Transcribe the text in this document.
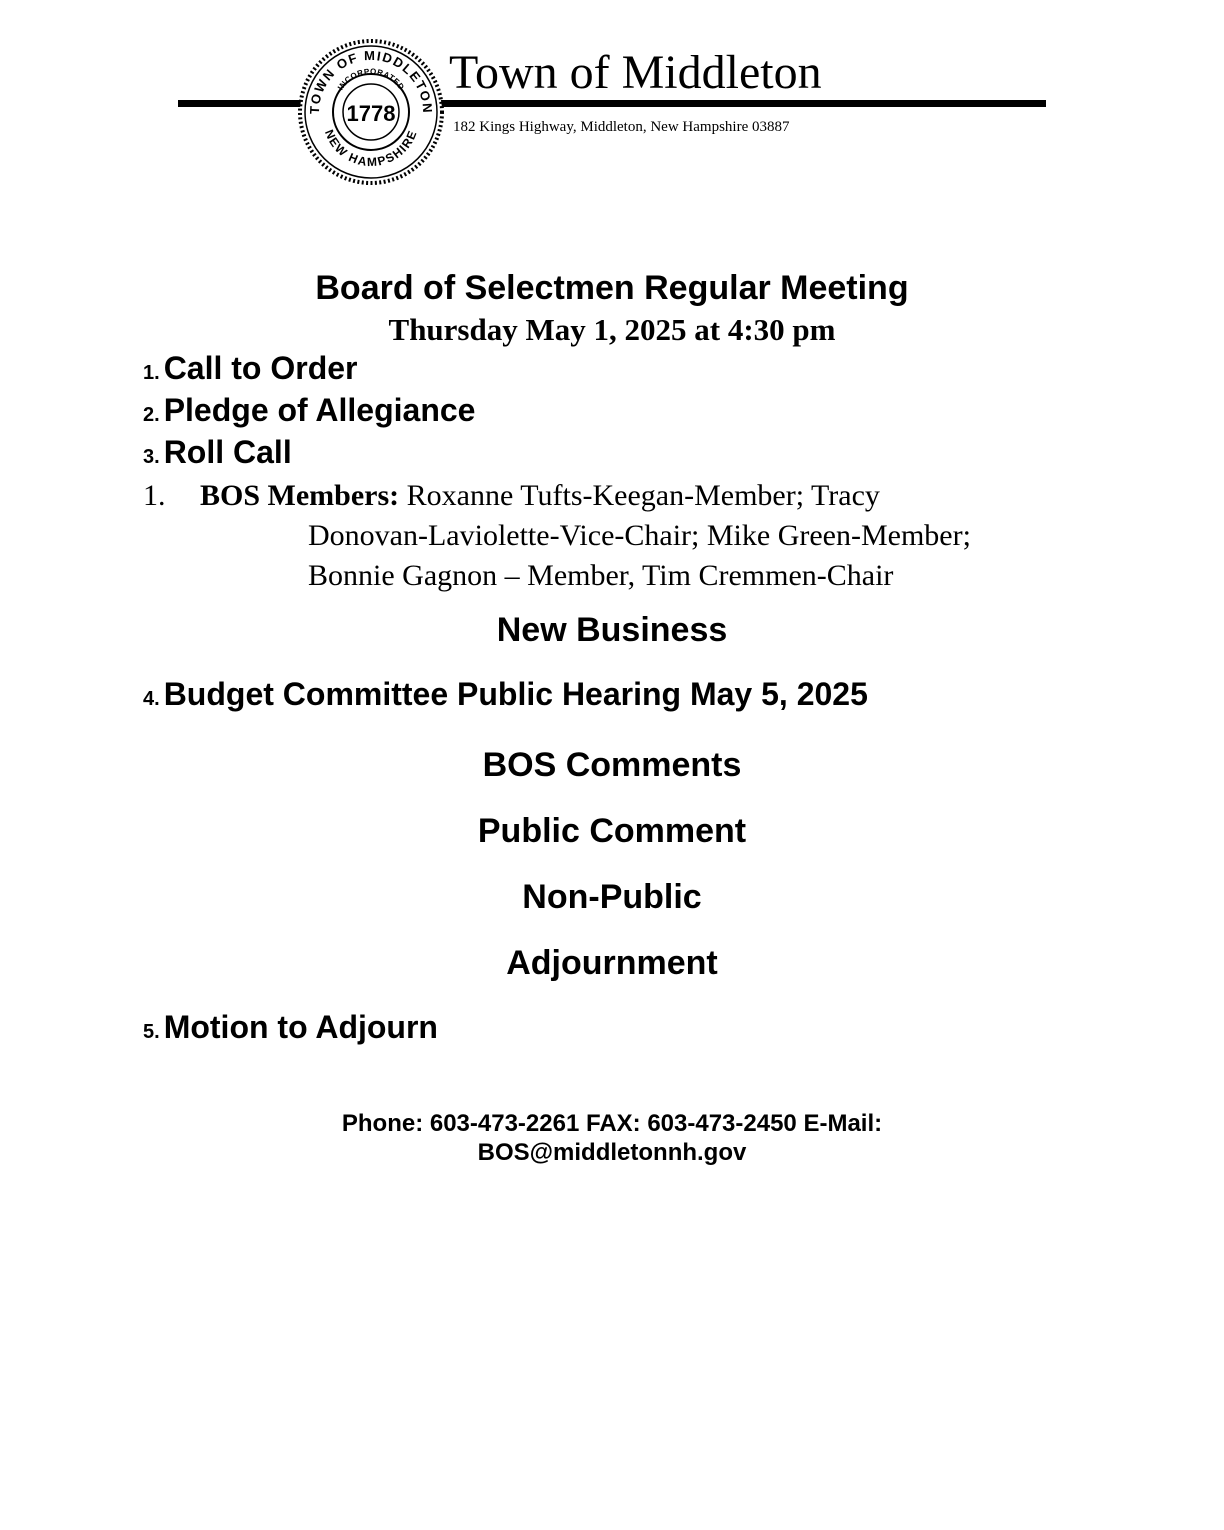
TOWN OF MIDDLETON
NEW HAMPSHIRE
INCORPORATED
1778
Town of Middleton
182 Kings Highway, Middleton, New Hampshire 03887
Board of Selectmen Regular Meeting
Thursday May 1, 2025 at 4:30 pm
1. Call to Order
2. Pledge of Allegiance
3. Roll Call
1. BOS Members: Roxanne Tufts-Keegan-Member; Tracy
Donovan-Laviolette-Vice-Chair; Mike Green-Member;
Bonnie Gagnon – Member, Tim Cremmen-Chair
New Business
4. Budget Committee Public Hearing May 5, 2025
BOS Comments
Public Comment
Non-Public
Adjournment
5. Motion to Adjourn
Phone: 603-473-2261 FAX: 603-473-2450 E-Mail:
BOS@middletonnh.gov
